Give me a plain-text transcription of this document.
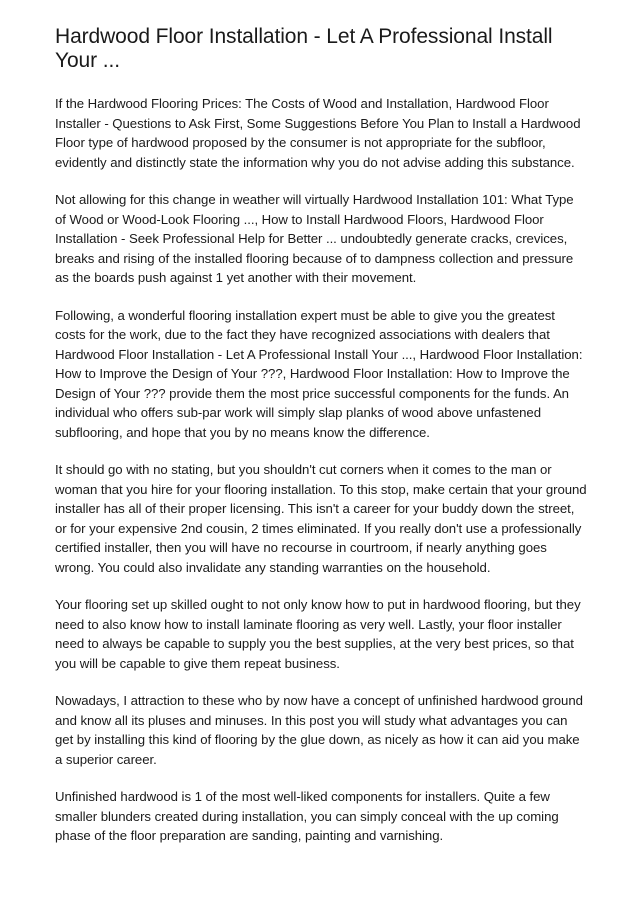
Hardwood Floor Installation - Let A Professional Install Your ...

If the Hardwood Flooring Prices: The Costs of Wood and Installation, Hardwood Floor Installer - Questions to Ask First, Some Suggestions Before You Plan to Install a Hardwood Floor type of hardwood proposed by the consumer is not appropriate for the subfloor, evidently and distinctly state the information why you do not advise adding this substance.

Not allowing for this change in weather will virtually Hardwood Installation 101: What Type of Wood or Wood-Look Flooring ..., How to Install Hardwood Floors, Hardwood Floor Installation - Seek Professional Help for Better ... undoubtedly generate cracks, crevices, breaks and rising of the installed flooring because of to dampness collection and pressure as the boards push against 1 yet another with their movement.

Following, a wonderful flooring installation expert must be able to give you the greatest costs for the work, due to the fact they have recognized associations with dealers that Hardwood Floor Installation - Let A Professional Install Your ..., Hardwood Floor Installation: How to Improve the Design of Your ???, Hardwood Floor Installation: How to Improve the Design of Your ??? provide them the most price successful components for the funds. An individual who offers sub-par work will simply slap planks of wood above unfastened subflooring, and hope that you by no means know the difference.

It should go with no stating, but you shouldn't cut corners when it comes to the man or woman that you hire for your flooring installation. To this stop, make certain that your ground installer has all of their proper licensing. This isn't a career for your buddy down the street, or for your expensive 2nd cousin, 2 times eliminated. If you really don't use a professionally certified installer, then you will have no recourse in courtroom, if nearly anything goes wrong. You could also invalidate any standing warranties on the household.

Your flooring set up skilled ought to not only know how to put in hardwood flooring, but they need to also know how to install laminate flooring as very well. Lastly, your floor installer need to always be capable to supply you the best supplies, at the very best prices, so that you will be capable to give them repeat business.

Nowadays, I attraction to these who by now have a concept of unfinished hardwood ground and know all its pluses and minuses. In this post you will study what advantages you can get by installing this kind of flooring by the glue down, as nicely as how it can aid you make a superior career.

Unfinished hardwood is 1 of the most well-liked components for installers. Quite a few smaller blunders created during installation, you can simply conceal with the up coming phase of the floor preparation are sanding, painting and varnishing.
